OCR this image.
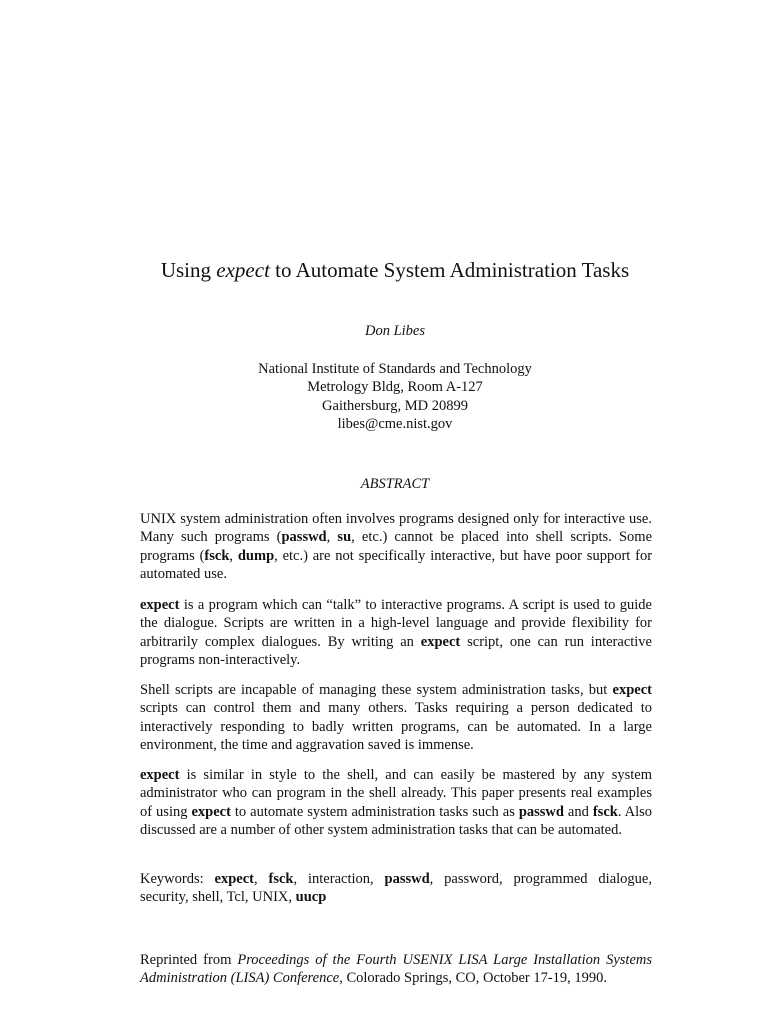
Using expect to Automate System Administration Tasks
Don Libes
National Institute of Standards and Technology
Metrology Bldg, Room A-127
Gaithersburg, MD 20899
libes@cme.nist.gov
ABSTRACT
UNIX system administration often involves programs designed only for interactive use. Many such programs (passwd, su, etc.) cannot be placed into shell scripts. Some programs (fsck, dump, etc.) are not specifically interactive, but have poor support for automated use.
expect is a program which can “talk” to interactive programs. A script is used to guide the dialogue. Scripts are written in a high-level language and provide flexibility for arbitrarily complex dialogues. By writing an expect script, one can run interactive programs non-interactively.
Shell scripts are incapable of managing these system administration tasks, but expect scripts can control them and many others. Tasks requiring a person dedicated to interactively responding to badly written programs, can be automated. In a large environment, the time and aggravation saved is immense.
expect is similar in style to the shell, and can easily be mastered by any system administrator who can program in the shell already. This paper presents real examples of using expect to automate system administration tasks such as passwd and fsck. Also discussed are a number of other system administration tasks that can be automated.
Keywords: expect, fsck, interaction, passwd, password, programmed dialogue, security, shell, Tcl, UNIX, uucp
Reprinted from Proceedings of the Fourth USENIX LISA Large Installation Systems Administration (LISA) Conference, Colorado Springs, CO, October 17-19, 1990.
